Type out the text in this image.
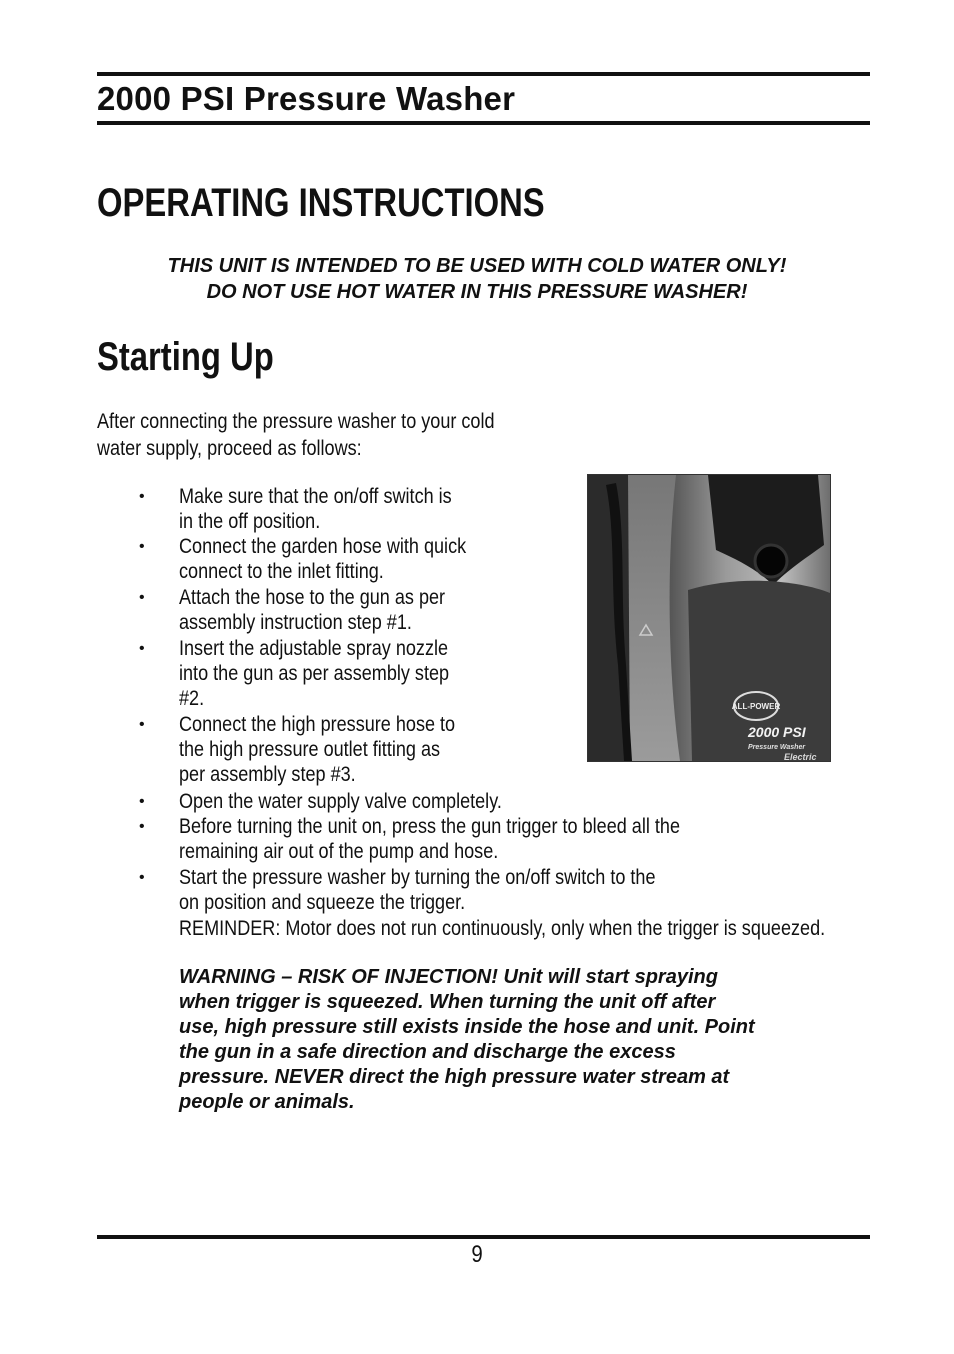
2000 PSI Pressure Washer
OPERATING INSTRUCTIONS

THIS UNIT IS INTENDED TO BE USED WITH COLD WATER ONLY!
DO NOT USE HOT WATER IN THIS PRESSURE WASHER!

Starting Up

After connecting the pressure washer to your cold
water supply, proceed as follows:

• Make sure that the on/off switch is
in the off position.
• Connect the garden hose with quick
connect to the inlet fitting.
• Attach the hose to the gun as per
assembly instruction step #1.
• Insert the adjustable spray nozzle
into the gun as per assembly step
#2.
• Connect the high pressure hose to
the high pressure outlet fitting as
per assembly step #3.
• Open the water supply valve completely.
• Before turning the unit on, press the gun trigger to bleed all the
remaining air out of the pump and hose.
• Start the pressure washer by turning the on/off switch to the
on position and squeeze the trigger.
ALL-POWER
2000 PSI
Pressure Washer
Electric

REMINDER: Motor does not run continuously, only when the trigger is squeezed.

WARNING – RISK OF INJECTION! Unit will start spraying
when trigger is squeezed. When turning the unit off after
use, high pressure still exists inside the hose and unit. Point
the gun in a safe direction and discharge the excess
pressure. NEVER direct the high pressure water stream at
people or animals.

9
